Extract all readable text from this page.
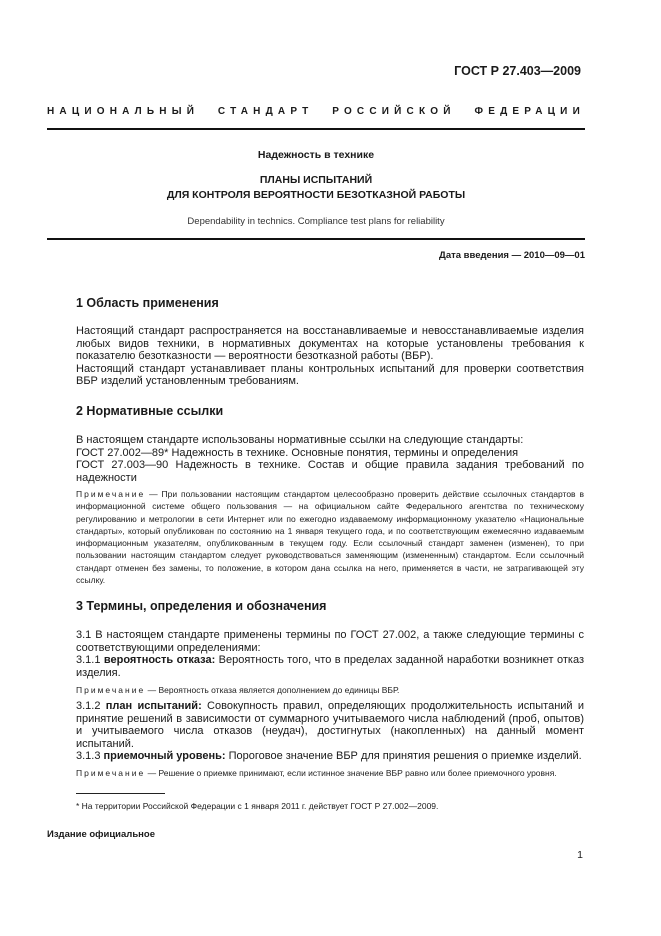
ГОСТ Р 27.403—2009
НАЦИОНАЛЬНЫЙ СТАНДАРТ РОССИЙСКОЙ ФЕДЕРАЦИИ
Надежность в технике
ПЛАНЫ ИСПЫТАНИЙ
ДЛЯ КОНТРОЛЯ ВЕРОЯТНОСТИ БЕЗОТКАЗНОЙ РАБОТЫ
Dependability in technics. Compliance test plans for reliability
Дата введения — 2010—09—01
1 Область применения

Настоящий стандарт распространяется на восстанавливаемые и невосстанавливаемые изделия любых видов техники, в нормативных документах на которые установлены требования к показателю безотказности — вероятности безотказной работы (ВБР).

Настоящий стандарт устанавливает планы контрольных испытаний для проверки соответствия ВБР изделий установленным требованиям.

2 Нормативные ссылки

В настоящем стандарте использованы нормативные ссылки на следующие стандарты:

ГОСТ 27.002—89* Надежность в технике. Основные понятия, термины и определения

ГОСТ 27.003—90 Надежность в технике. Состав и общие правила задания требований по надежности

Примечание — При пользовании настоящим стандартом целесообразно проверить действие ссылочных стандартов в информационной системе общего пользования — на официальном сайте Федерального агентства по техническому регулированию и метрологии в сети Интернет или по ежегодно издаваемому информационному указателю «Национальные стандарты», который опубликован по состоянию на 1 января текущего года, и по соответствующим ежемесячно издаваемым информационным указателям, опубликованным в текущем году. Если ссылочный стандарт заменен (изменен), то при пользовании настоящим стандартом следует руководствоваться заменяющим (измененным) стандартом. Если ссылочный стандарт отменен без замены, то положение, в котором дана ссылка на него, применяется в части, не затрагивающей эту ссылку.

3 Термины, определения и обозначения

3.1 В настоящем стандарте применены термины по ГОСТ 27.002, а также следующие термины с соответствующими определениями:

3.1.1 вероятность отказа: Вероятность того, что в пределах заданной наработки возникнет отказ изделия.

Примечание — Вероятность отказа является дополнением до единицы ВБР.

3.1.2 план испытаний: Совокупность правил, определяющих продолжительность испытаний и принятие решений в зависимости от суммарного учитываемого числа наблюдений (проб, опытов) и учитываемого числа отказов (неудач), достигнутых (накопленных) на данный момент испытаний.

3.1.3 приемочный уровень: Пороговое значение ВБР для принятия решения о приемке изделий.

Примечание — Решение о приемке принимают, если истинное значение ВБР равно или более приемочного уровня.

* На территории Российской Федерации с 1 января 2011 г. действует ГОСТ Р 27.002—2009.
Издание официальное
1
